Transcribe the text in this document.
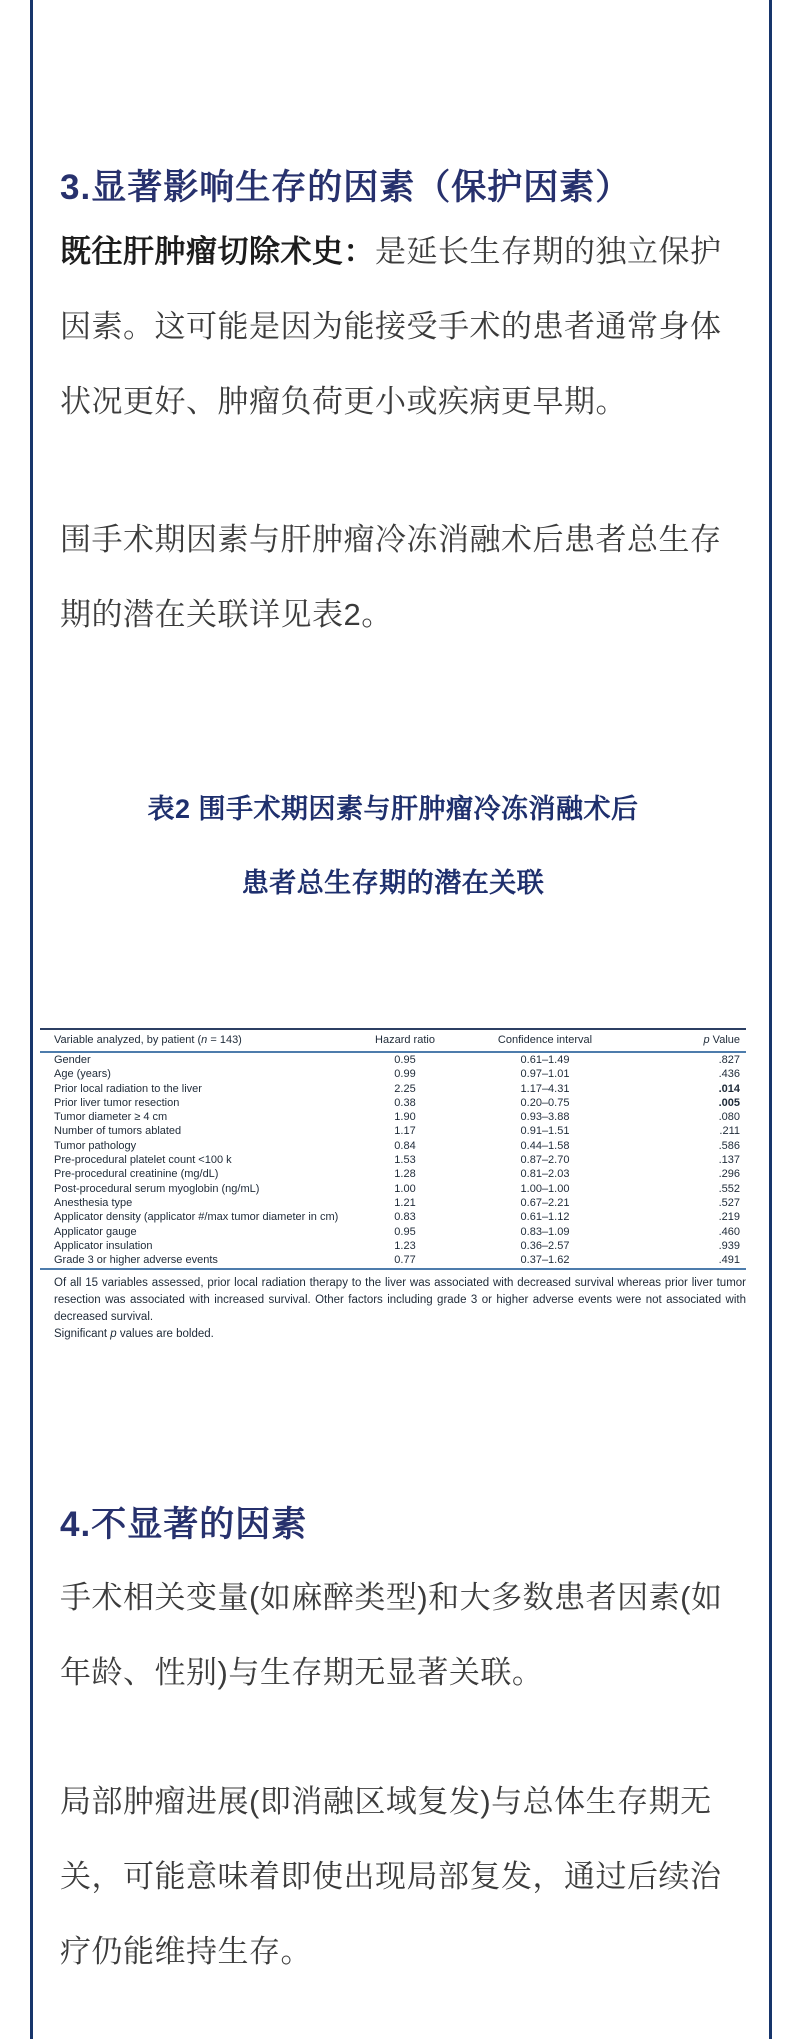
3.显著影响生存的因素（保护因素）
既往肝肿瘤切除术史：是延长生存期的独立保护
因素。这可能是因为能接受手术的患者通常身体
状况更好、肿瘤负荷更小或疾病更早期。
围手术期因素与肝肿瘤冷冻消融术后患者总生存
期的潜在关联详见表2。
表2 围手术期因素与肝肿瘤冷冻消融术后
患者总生存期的潜在关联
Variable analyzed, by patient (n = 143)	Hazard ratio	Confidence interval	p Value
Gender	0.95	0.61–1.49	.827
Age (years)	0.99	0.97–1.01	.436
Prior local radiation to the liver	2.25	1.17–4.31	.014
Prior liver tumor resection	0.38	0.20–0.75	.005
Tumor diameter ≥ 4 cm	1.90	0.93–3.88	.080
Number of tumors ablated	1.17	0.91–1.51	.211
Tumor pathology	0.84	0.44–1.58	.586
Pre-procedural platelet count <100 k	1.53	0.87–2.70	.137
Pre-procedural creatinine (mg/dL)	1.28	0.81–2.03	.296
Post-procedural serum myoglobin (ng/mL)	1.00	1.00–1.00	.552
Anesthesia type	1.21	0.67–2.21	.527
Applicator density (applicator #/max tumor diameter in cm)	0.83	0.61–1.12	.219
Applicator gauge	0.95	0.83–1.09	.460
Applicator insulation	1.23	0.36–2.57	.939
Grade 3 or higher adverse events	0.77	0.37–1.62	.491
Of all 15 variables assessed, prior local radiation therapy to the liver was associated with decreased survival whereas prior liver tumor resection was associated with increased survival. Other factors including grade 3 or higher adverse events were not associated with decreased survival.
Significant p values are bolded.
4.不显著的因素
手术相关变量(如麻醉类型)和大多数患者因素(如
年龄、性别)与生存期无显著关联。
局部肿瘤进展(即消融区域复发)与总体生存期无
关，可能意味着即使出现局部复发，通过后续治
疗仍能维持生存。
